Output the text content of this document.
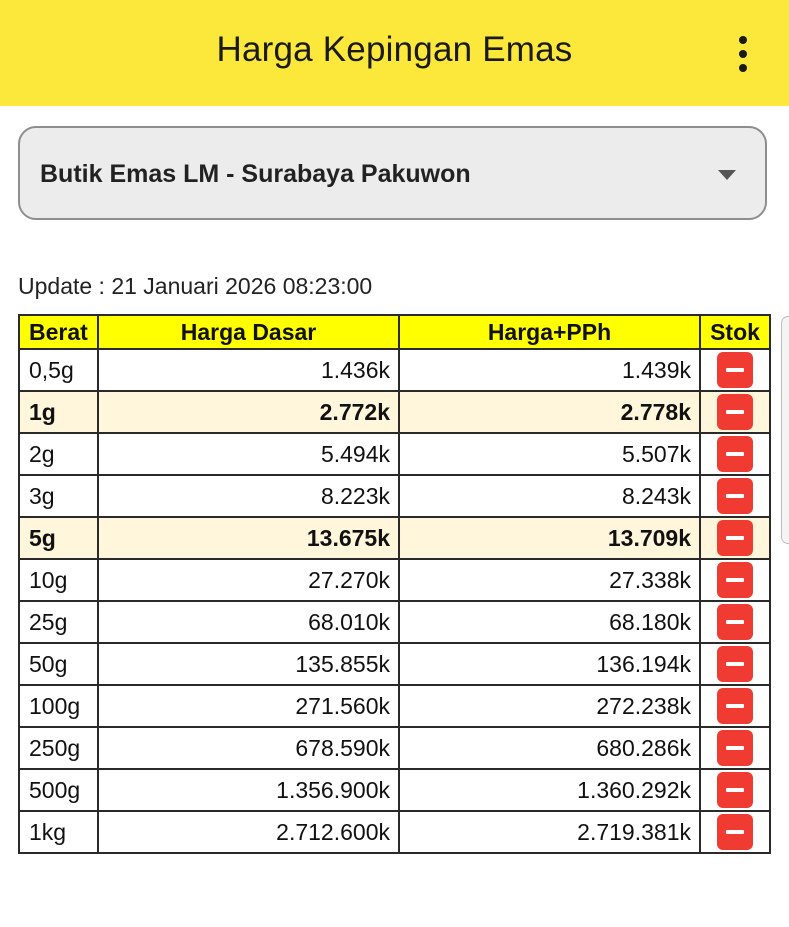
Harga Kepingan Emas
Butik Emas LM - Surabaya Pakuwon
Update : 21 Januari 2026 08:23:00
Berat	Harga Dasar	Harga+PPh	Stok
0,5g	1.436k	1.439k	
1g	2.772k	2.778k	
2g	5.494k	5.507k	
3g	8.223k	8.243k	
5g	13.675k	13.709k	
10g	27.270k	27.338k	
25g	68.010k	68.180k	
50g	135.855k	136.194k	
100g	271.560k	272.238k	
250g	678.590k	680.286k	
500g	1.356.900k	1.360.292k	
1kg	2.712.600k	2.719.381k	
